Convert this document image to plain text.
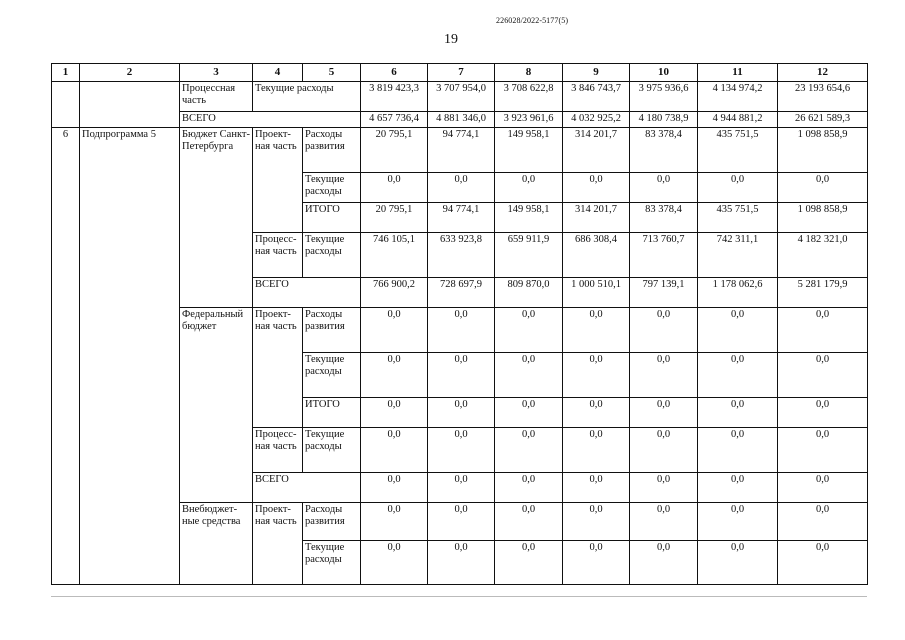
226028/2022-5177(5)
19
1	2	3	4	5	6	7	8	9	10	11	12
		Процессная часть	Текущие расходы		3 819 423,3	3 707 954,0	3 708 622,8	3 846 743,7	3 975 936,6	4 134 974,2	23 193 654,6
		ВСЕГО			4 657 736,4	4 881 346,0	3 923 961,6	4 032 925,2	4 180 738,9	4 944 881,2	26 621 589,3
6	Подпрограмма 5	Бюджет Санкт-Петербурга	Проект-ная часть	Расходы развития	20 795,1	94 774,1	149 958,1	314 201,7	83 378,4	435 751,5	1 098 858,9
				Текущие расходы	0,0	0,0	0,0	0,0	0,0	0,0	0,0
				ИТОГО	20 795,1	94 774,1	149 958,1	314 201,7	83 378,4	435 751,5	1 098 858,9
			Процесс-ная часть	Текущие расходы	746 105,1	633 923,8	659 911,9	686 308,4	713 760,7	742 311,1	4 182 321,0
			ВСЕГО		766 900,2	728 697,9	809 870,0	1 000 510,1	797 139,1	1 178 062,6	5 281 179,9
		Федеральный бюджет	Проект-ная часть	Расходы развития	0,0	0,0	0,0	0,0	0,0	0,0	0,0
				Текущие расходы	0,0	0,0	0,0	0,0	0,0	0,0	0,0
				ИТОГО	0,0	0,0	0,0	0,0	0,0	0,0	0,0
			Процесс-ная часть	Текущие расходы	0,0	0,0	0,0	0,0	0,0	0,0	0,0
			ВСЕГО		0,0	0,0	0,0	0,0	0,0	0,0	0,0
		Внебюджет-ные средства	Проект-ная часть	Расходы развития	0,0	0,0	0,0	0,0	0,0	0,0	0,0
				Текущие расходы	0,0	0,0	0,0	0,0	0,0	0,0	0,0
